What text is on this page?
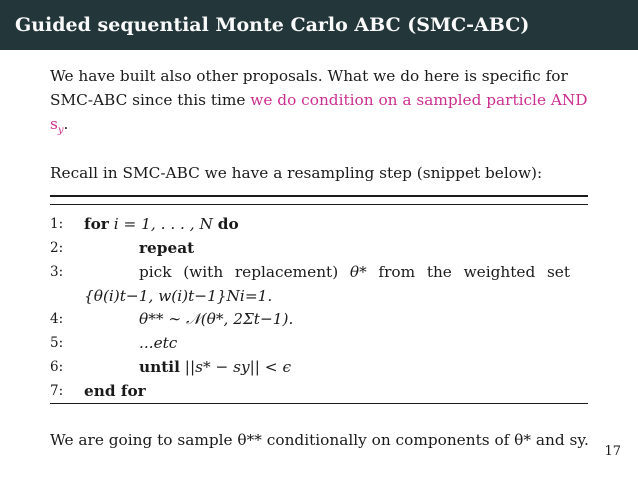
Guided sequential Monte Carlo ABC (SMC-ABC)

We have built also other proposals. What we do here is specific for SMC-ABC since this time we do condition on a sampled particle AND $s_y$.

Recall in SMC-ABC we have a resampling step (snippet below):

1:	for i = 1, . . . , N do
2:	repeat
3:	pick (with replacement) θ* from the weighted set
{θ(i)t−1, w(i)t−1}Ni=1.
4:	θ** ∼ 𝒩(θ*, 2Σt−1).
5:	...etc
6:	until ||s* − sy|| < ϵ
7:	end for

We are going to sample θ** conditionally on components of θ* and sy.

17
